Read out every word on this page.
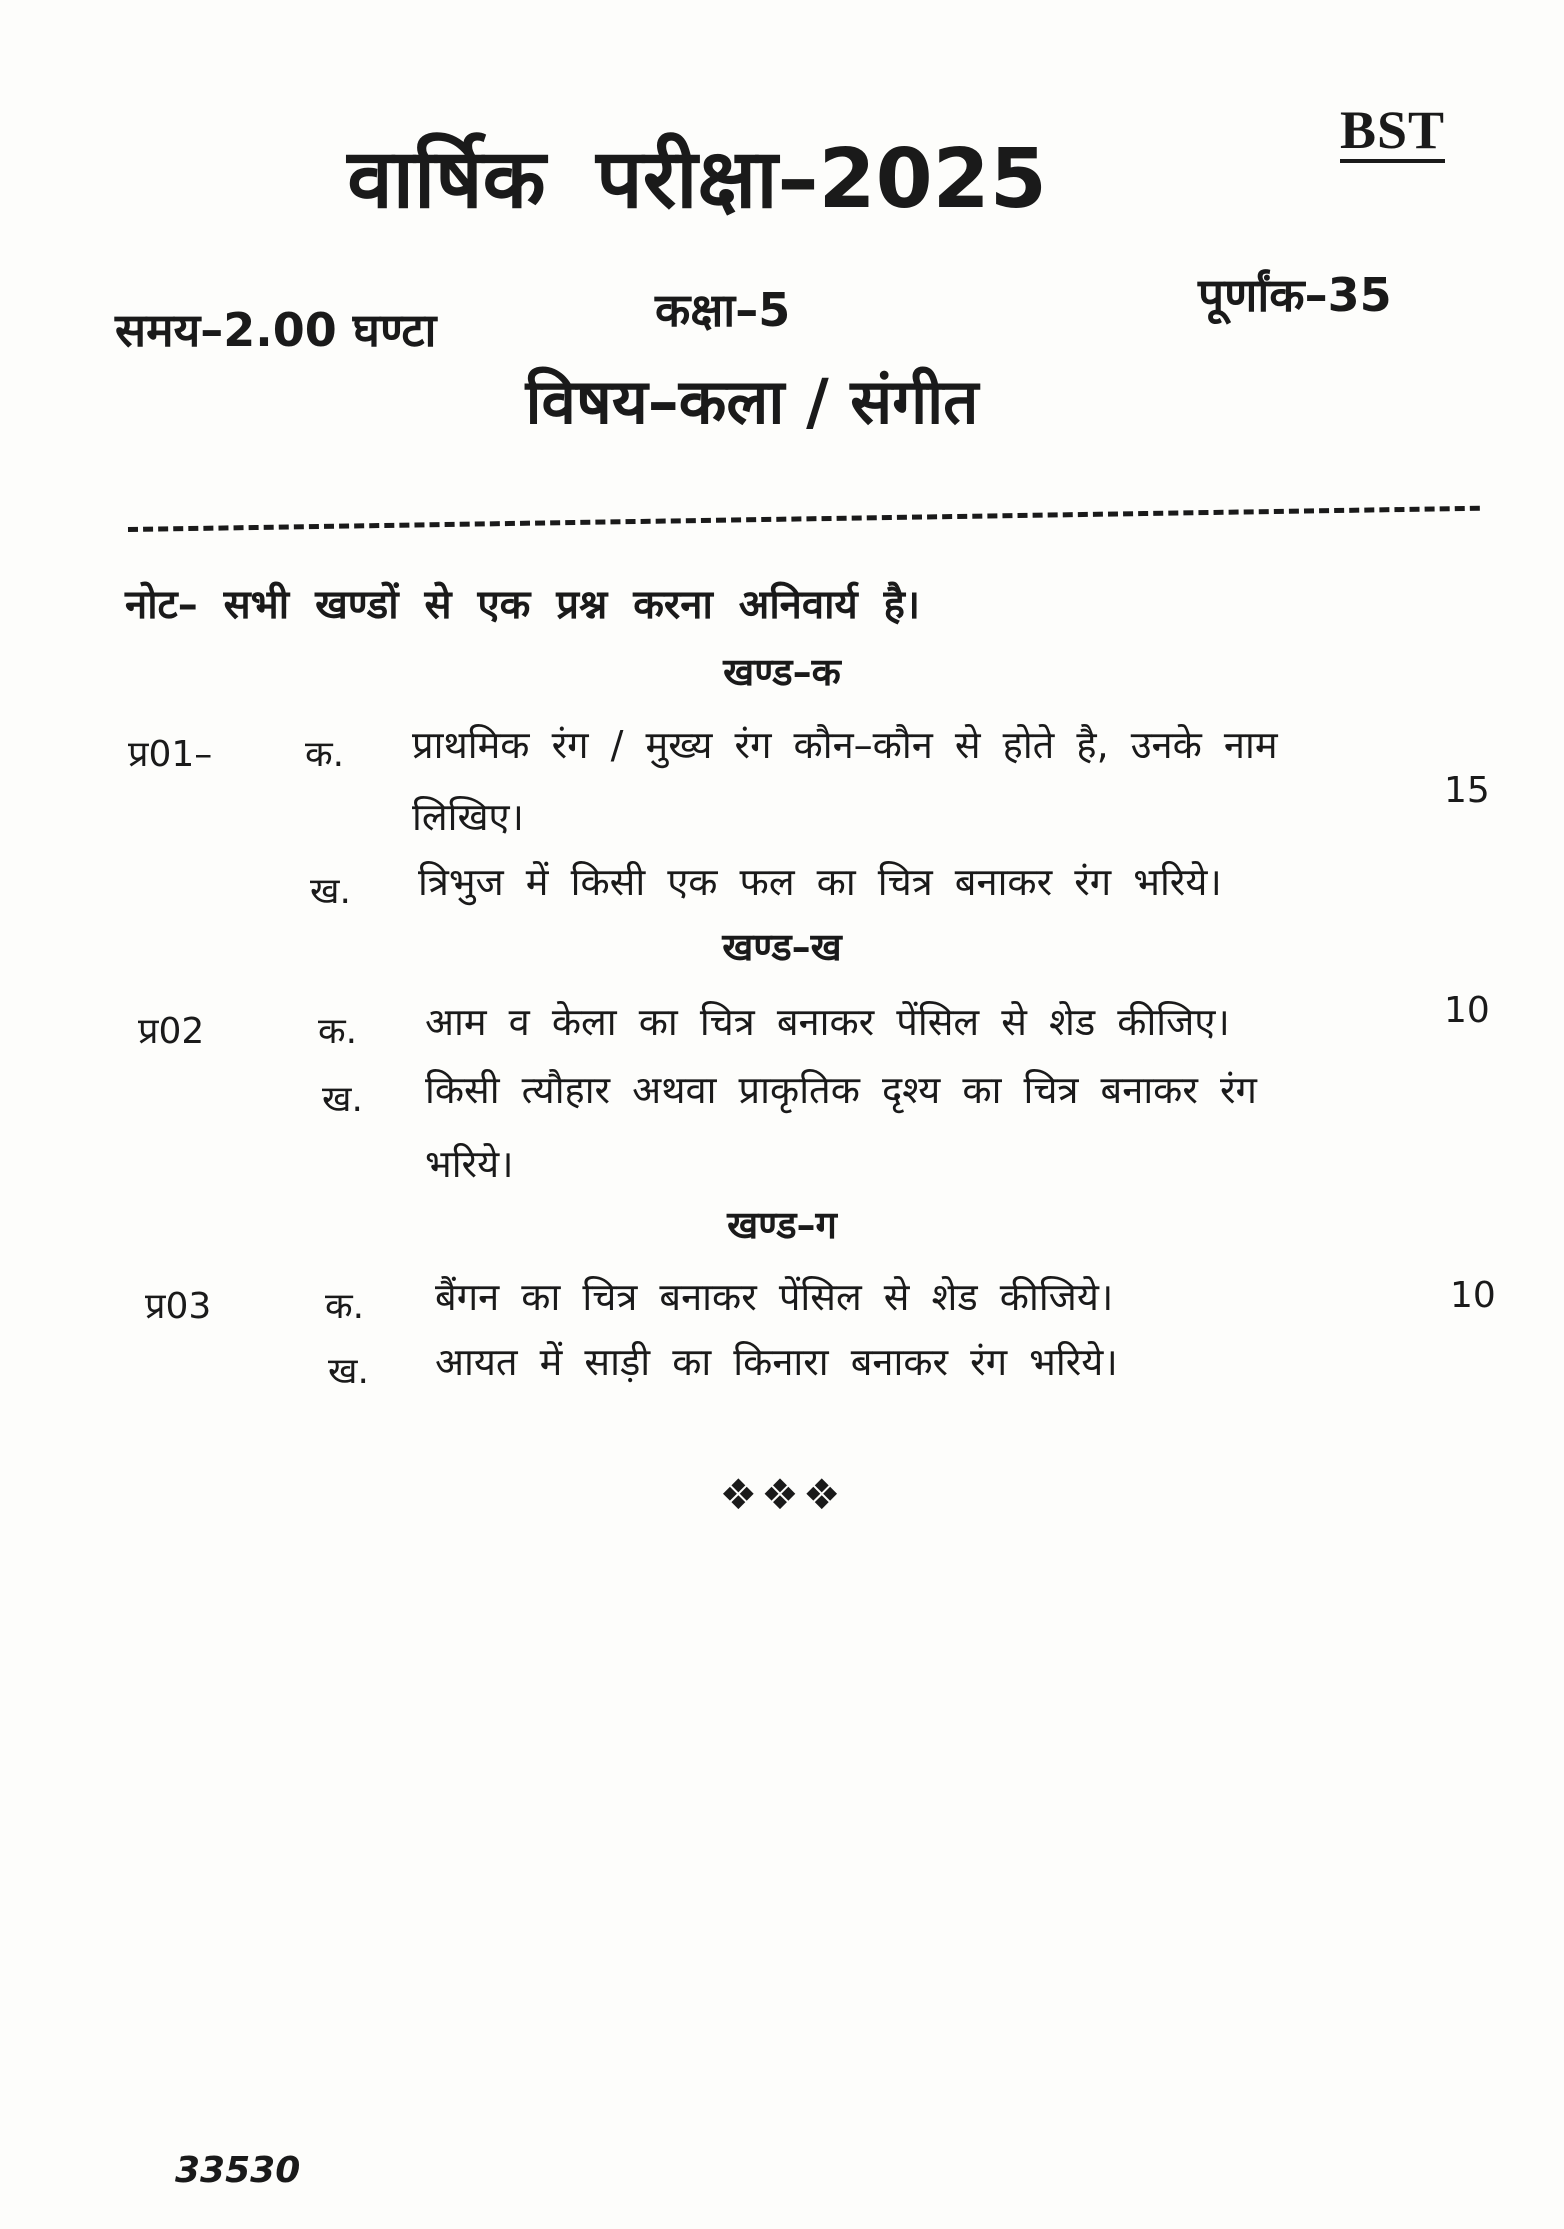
BST
वार्षिक परीक्षा–2025
समय–2.00 घण्टा	कक्षा–5	पूर्णांक–35
विषय–कला / संगीत
नोट– सभी खण्डों से एक प्रश्न करना अनिवार्य है।
खण्ड–क
प्र01–	क. प्राथमिक रंग / मुख्य रंग कौन–कौन से होते है, उनके नाम
लिखिए।
15
ख. त्रिभुज में किसी एक फल का चित्र बनाकर रंग भरिये।
खण्ड–ख
प्र02	क. आम व केला का चित्र बनाकर पेंसिल से शेड कीजिए।	10
ख. किसी त्यौहार अथवा प्राकृतिक दृश्य का चित्र बनाकर रंग
भरिये।
खण्ड–ग
प्र03	क. बैंगन का चित्र बनाकर पेंसिल से शेड कीजिये।	10
ख. आयत में साड़ी का किनारा बनाकर रंग भरिये।
❖❖❖
33530
